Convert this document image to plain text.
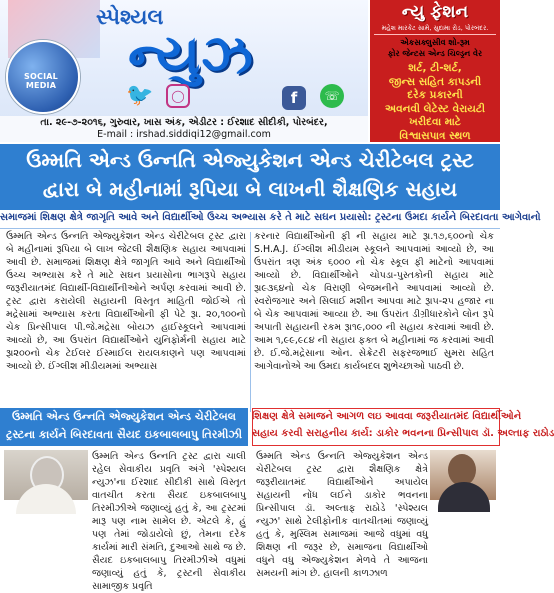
SOCIAL MEDIA
સ્પેશ્યલ
ન્યુઝ
🐦	◯	f	☏
તા. ૨૯-૭-૨૦૧૬, ગુરુવાર, ખાસ અંક, એડીટર : ઈરશાદ સીદીકી, પોરબંદર,
E-mail : irshad.siddiqi12@gmail.com
ન્યુ ફેશન
મહેશ મારકેટ સામે, સુદામા રોડ, પોરબંદર.
એકસક્લુસીવ શો-રૂમ
ફોર જેન્ટસ એન્ડ ચિલ્ડ્રન વેર
શર્ટ, ટી-શર્ટ,
જીન્સ સહિત કાપડની
દરેક પ્રકારની
અવનવી લેટેસ્ટ વેરાયટી
ખરીદવા માટે
વિશ્વાસપાત્ર સ્થળ
ઉમ્મતિ એન્ડ ઉન્નતિ એજ્યુકેશન એન્ડ ચેરીટેબલ ટ્રસ્ટ
દ્વારા બે મહીનામાં રૂપિયા બે લાખની શૈક્ષણિક સહાય
સમાજમાં શિક્ષણ ક્ષેત્રે જાગૃતિ આવે અને વિદ્યાર્થીઓ ઉચ્ચ અભ્યાસ કરે તે માટે સઘન પ્રયાસો: ટ્રસ્ટના ઉમદા કાર્યને બિરદાવતા આગેવાનો
ઉમ્મતિ એન્ડ ઉન્નતિ એજ્યુકેશન એન્ડ ચેરીટેબલ ટ્રસ્ટ દ્વારા બે મહીનામાં રૂપિયા બે લાખ જેટલી શૈક્ષણિક સહાય આપવામાં આવી છે. સમાજમાં શિક્ષણ ક્ષેત્રે જાગૃતિ આવે અને વિદ્યાર્થીઓ ઉચ્ચ અભ્યાસ કરે તે માટે સઘન પ્રયાસોના ભાગરૂપે સહાય જરૂરીયાતમંદ વિદ્યાર્થી-વિદ્યાર્થીનીઓને અર્પણ કરવામાં આવી છે. ટ્રસ્ટ દ્વારા કરાયેલી સહાયની વિસ્તૃત માહિતી જોઈએ તો મદ્રેસામાં અભ્યાસ કરતા વિદ્યાર્થીઓની ફી પેટે રૂા. ૨૦,૧૦૦નો ચેક પ્રિન્સીપાલ પી.જે.મદ્રેસા બોયઝ હાઈસ્કૂલને આપવામાં આવ્યો છે, આ ઉપરાંત વિદ્યાર્થીઓને યુનિફોર્મની સહાય માટે રૂા૨૦૦નો ચેક ટેઈલર ઈસ્માઈલ રાયલકાણને પણ આપવામાં આવ્યો છે. ઈંગ્લીશ મીડીયમમાં અભ્યાસ
કરનાર વિદ્યાર્થીઓની ફી ની સહાય માટે રૂા.૧૭,૬૦૦નો ચેક S.H.A.J. ઈંગ્લીશ મીડીયમ સ્કૂલને આપવામાં આવ્યો છે, આ ઉપરાંત ત્રણ અંક ૬૦૦૦ નો ચેક સ્કૂલ ફી માટેનો આપવામાં આવ્યો છે. વિદ્યાર્થીઓને ચોપડા-પુસ્તકોની સહાય માટે રૂા૯૩૬૪નો ચેક વિરાણી બેજમનીને આપવામાં આવ્યો છે. સ્વરોજગાર અને સિલાઈ મશીન આપવા માટે રૂા૫-૨૫ હજાર ના બે ચેક આપવામાં આવ્યા છે. આ ઉપરાંત ડીગ્રીધારકોને લોન રૂપે અપાતી સહાયની રકમ રૂા૧૯,૦૦૦ ની સહાય કરવામાં આવી છે. આમ ૧,૯૯,૯૮૪ ની સહાય ફક્ત બે મહીનામાં જ કરવામાં આવી છે. ઈ.જે.મદ્રેસાના ઓન. સેક્રેટરી સફરજભાઈ સુમરા સહિત આગેવાનોએ આ ઉમદા કાર્યબદલ શુભેચ્છાઓ પાઠવી છે.
ઉમ્મતિ એન્ડ ઉન્નતિ એજ્યુકેશન એન્ડ ચેરીટેબલ
ટ્રસ્ટના કાર્યને બિરદાવતા સૈયદ ઇકબાલબાપુ તિરમીઝી
ઉમ્મતિ એન્ડ ઉન્નતિ ટ્રસ્ટ દ્વારા ચાલી રહેલ સેવાકીય પ્રવૃતિ અંગે 'સ્પેશ્યલ ન્યુઝ'ના ઈરશાદ સીદીકી સાથે વિસ્તૃત વાતચીત કરતા સૈયદ ઇકબાલબાપુ તિરમીઝીએ જણાવ્યું હતું કે, આ ટ્રસ્ટમાં મારૂ પણ નામ સામેલ છે. એટલે કે, હું પણ તેમાં જોડાયેલો છું, તેમના દરેક કાર્યમાં મારી સંમતિ, દુઆઓ સાથે જ છે. સૈયદ ઇકબાલબાપુ તિરમીઝીએ વધુમાં જણાવ્યું હતું કે, ટ્રસ્ટની સેવાકીય સામાજીક પ્રવૃતિ
શિક્ષણ ક્ષેત્રે સમાજને આગળ લઇ આવવા જરૂરીયાતમંદ વિદ્યાર્થીઓને
સહાય કરવી સરાહનીય કાર્ય: ડાકોર ભવનના પ્રિન્સીપાલ ડૉ. અલ્તાફ રાઠોડ
ઉમ્મતિ એન્ડ ઉન્નતિ એજ્યુકેશન એન્ડ ચેરીટેબલ ટ્રસ્ટ દ્વારા શૈક્ષણિક ક્ષેત્રે જરૂરીયાતમંદ વિદ્યાર્થીઓને અપાયેલ સહાયની નોંધ લઈને ડાકોર ભવનના પ્રિન્સીપાલ ડૉ. અલ્તાફ રાઠોડે 'સ્પેશ્યલ ન્યુઝ' સાથે ટેલીફોનીક વાતચીતમાં જણાવ્યું હતું કે, મુસ્લિમ સમાજમાં આજે વધુમાં વધુ શિક્ષણ ની જરૂર છે, સમાજના વિદ્યાર્થીઓ વધુને વધુ એજ્યુકેશન મેળવે તે આજના સમયની માંગ છે. હાલની કાળઝાળ
